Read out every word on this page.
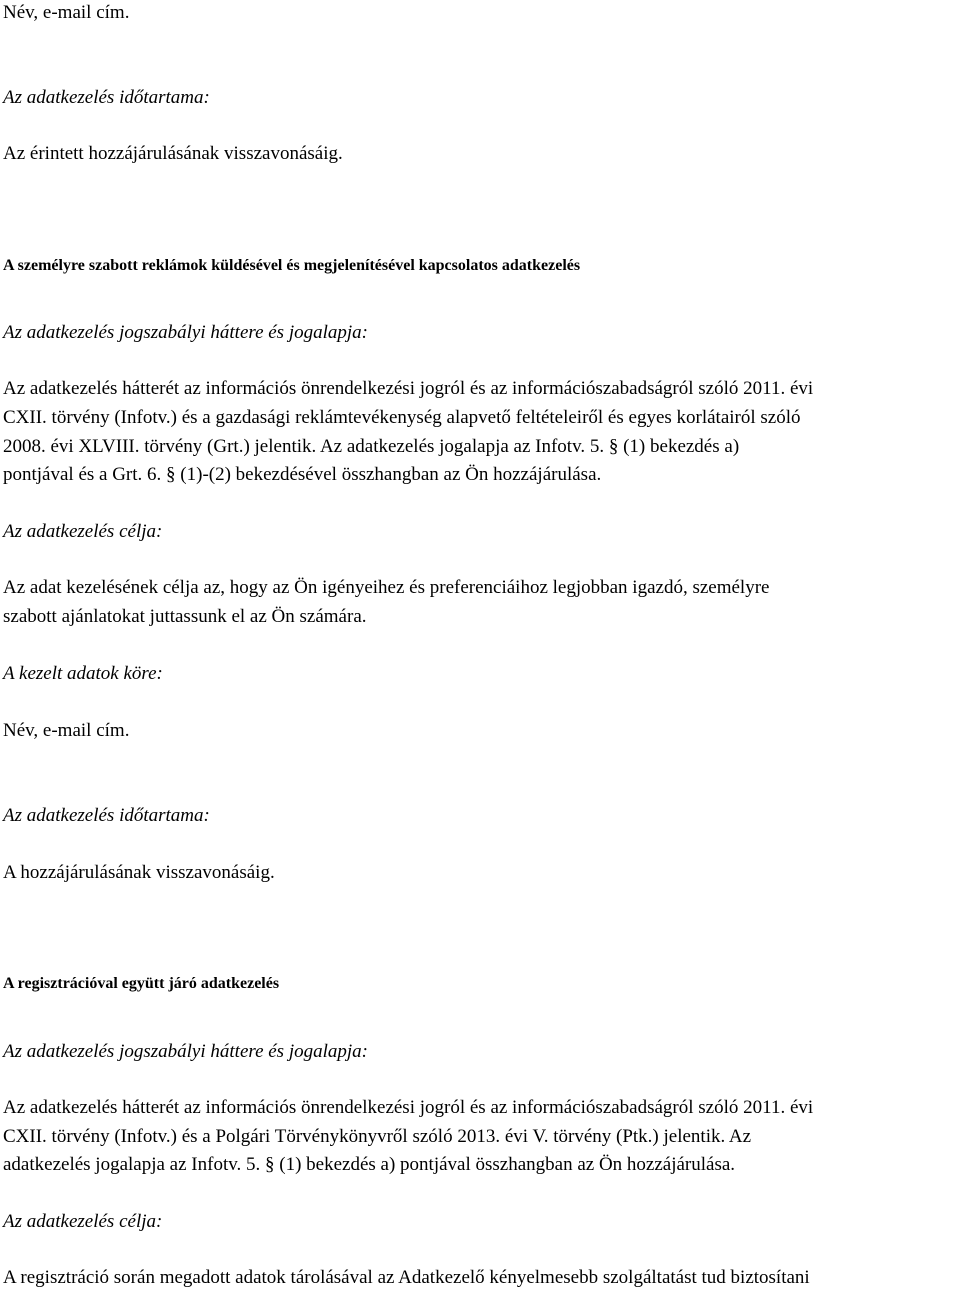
Név, e-mail cím.

Az adatkezelés időtartama:

Az érintett hozzájárulásának visszavonásáig.

A személyre szabott reklámok küldésével és megjelenítésével kapcsolatos adatkezelés

Az adatkezelés jogszabályi háttere és jogalapja:

Az adatkezelés hátterét az információs önrendelkezési jogról és az információszabadságról szóló 2011. évi

CXII. törvény (Infotv.) és a gazdasági reklámtevékenység alapvető feltételeiről és egyes korlátairól szóló

2008. évi XLVIII. törvény (Grt.) jelentik. Az adatkezelés jogalapja az Infotv. 5. § (1) bekezdés a)

pontjával és a Grt. 6. § (1)-(2) bekezdésével összhangban az Ön hozzájárulása.

Az adatkezelés célja:

Az adat kezelésének célja az, hogy az Ön igényeihez és preferenciáihoz legjobban igazdó, személyre

szabott ajánlatokat juttassunk el az Ön számára.

A kezelt adatok köre:

Név, e-mail cím.

Az adatkezelés időtartama:

A hozzájárulásának visszavonásáig.

A regisztrációval együtt járó adatkezelés

Az adatkezelés jogszabályi háttere és jogalapja:

Az adatkezelés hátterét az információs önrendelkezési jogról és az információszabadságról szóló 2011. évi

CXII. törvény (Infotv.) és a Polgári Törvénykönyvről szóló 2013. évi V. törvény (Ptk.) jelentik. Az

adatkezelés jogalapja az Infotv. 5. § (1) bekezdés a) pontjával összhangban az Ön hozzájárulása.

Az adatkezelés célja:

A regisztráció során megadott adatok tárolásával az Adatkezelő kényelmesebb szolgáltatást tud biztosítani
